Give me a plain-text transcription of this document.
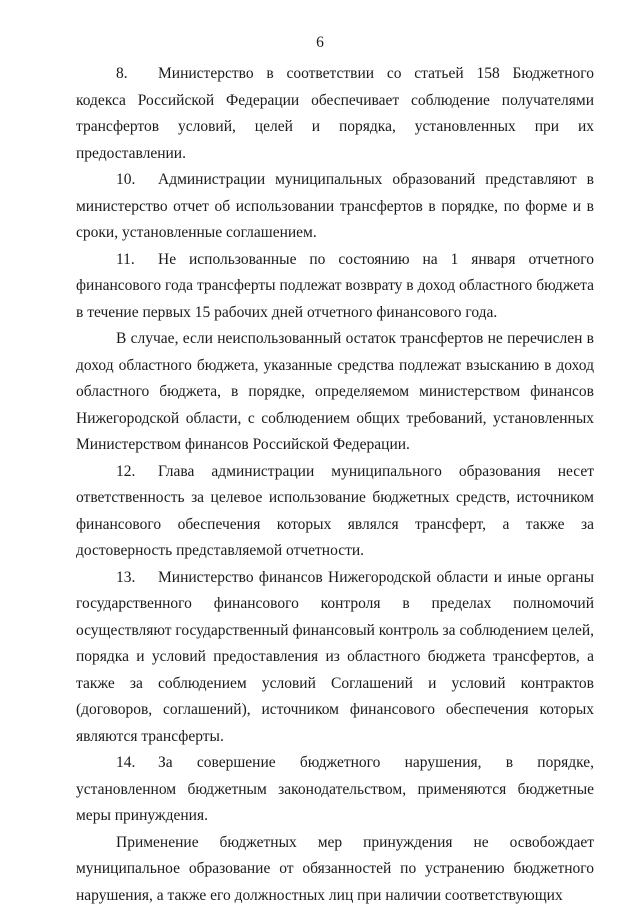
6

8. Министерство в соответствии со статьей 158 Бюджетного кодекса Российской Федерации обеспечивает соблюдение получателями трансфертов условий, целей и порядка, установленных при их предоставлении.

10. Администрации муниципальных образований представляют в министерство отчет об использовании трансфертов в порядке, по форме и в сроки, установленные соглашением.

11. Не использованные по состоянию на 1 января отчетного финансового года трансферты подлежат возврату в доход областного бюджета в течение первых 15 рабочих дней отчетного финансового года.

В случае, если неиспользованный остаток трансфертов не перечислен в доход областного бюджета, указанные средства подлежат взысканию в доход областного бюджета, в порядке, определяемом министерством финансов Нижегородской области, с соблюдением общих требований, установленных Министерством финансов Российской Федерации.

12. Глава администрации муниципального образования несет ответственность за целевое использование бюджетных средств, источником финансового обеспечения которых являлся трансферт, а также за достоверность представляемой отчетности.

13. Министерство финансов Нижегородской области и иные органы государственного финансового контроля в пределах полномочий осуществляют государственный финансовый контроль за соблюдением целей, порядка и условий предоставления из областного бюджета трансфертов, а также за соблюдением условий Соглашений и условий контрактов (договоров, соглашений), источником финансового обеспечения которых являются трансферты.

14. За совершение бюджетного нарушения, в порядке, установленном бюджетным законодательством, применяются бюджетные меры принуждения.

Применение бюджетных мер принуждения не освобождает муниципальное образование от обязанностей по устранению бюджетного нарушения, а также его должностных лиц при наличии соответствующих
